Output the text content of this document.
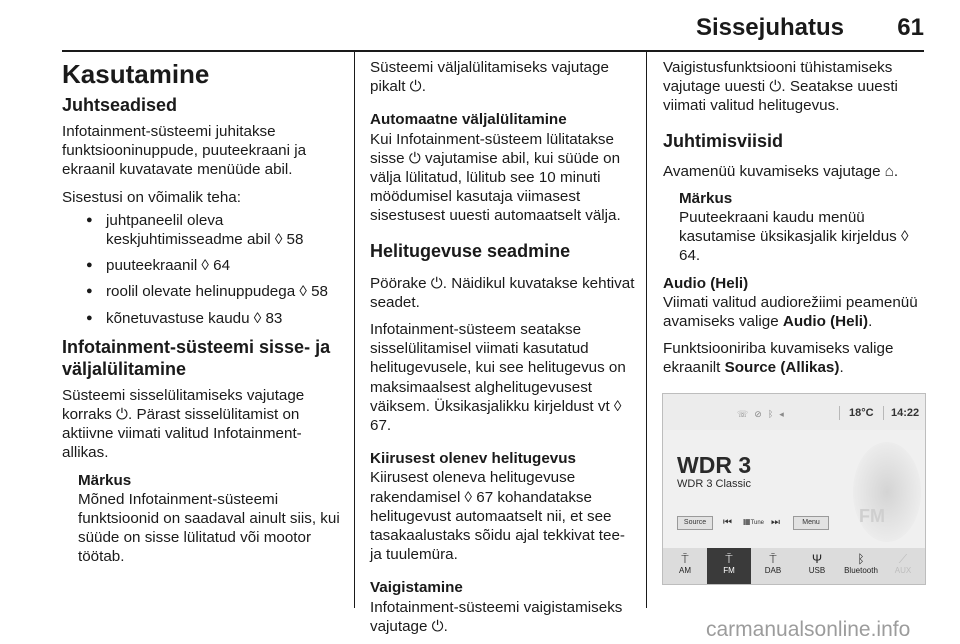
Sissejuhatus 61
Kasutamine
Juhtseadised

Infotainment-süsteemi juhitakse funktsiooninuppude, puuteekraani ja ekraanil kuvatavate menüüde abil.

Sisestusi on võimalik teha:

● juhtpaneelil oleva keskjuhtimisseadme abil ◊ 58
● puuteekraanil ◊ 64
● roolil olevate helinuppudega ◊ 58
● kõnetuvastuse kaudu ◊ 83
Infotainment-süsteemi sisse- ja väljalülitamine

Süsteemi sisselülitamiseks vajutage korraks ⏻. Pärast sisselülitamist on aktiivne viimati valitud Infotainment-allikas.

Märkus
Mõned Infotainment-süsteemi funktsioonid on saadaval ainult siis, kui süüde on sisse lülitatud või mootor töötab.

Süsteemi väljalülitamiseks vajutage pikalt ⏻.

Automaatne väljalülitamine

Kui Infotainment-süsteem lülitatakse sisse ⏻ vajutamise abil, kui süüde on välja lülitatud, lülitub see 10 minuti möödumisel kasutaja viimasest sisestusest uuesti automaatselt välja.

Helitugevuse seadmine

Pöörake ⏻. Näidikul kuvatakse kehtivat seadet.

Infotainment-süsteem seatakse sisselülitamisel viimati kasutatud helitugevusele, kui see helitugevus on maksimaalsest alghelitugevusest väiksem. Üksikasjalikku kirjeldust vt ◊ 67.

Kiirusest olenev helitugevus

Kiirusest oleneva helitugevuse rakendamisel ◊ 67 kohandatakse helitugevust automaatselt nii, et see tasakaalustaks sõidu ajal tekkivat tee- ja tuulemüra.

Vaigistamine

Infotainment-süsteemi vaigistamiseks vajutage ⏻.

Vaigistusfunktsiooni tühistamiseks vajutage uuesti ⏻. Seatakse uuesti viimati valitud helitugevus.

Juhtimisviisid

Avamenüü kuvamiseks vajutage ⌂.

Märkus
Puuteekraani kaudu menüü kasutamise üksikasjalik kirjeldus ◊ 64.
Audio (Heli)

Viimati valitud audiorežiimi peamenüü avamiseks valige Audio (Heli).

Funktsiooniriba kuvamiseks valige ekraanilt Source (Allikas).

☏⊘ᛒ◂	18°C 14:22
FM
WDR 3
WDR 3 Classic
Source	⏮ ▦Tune ⏭	Menu
⍑
AM
⍑
FM
⍑
DAB
Ψ
USB
ᛒ
Bluetooth
⟋
AUX
carmanualsonline.info
